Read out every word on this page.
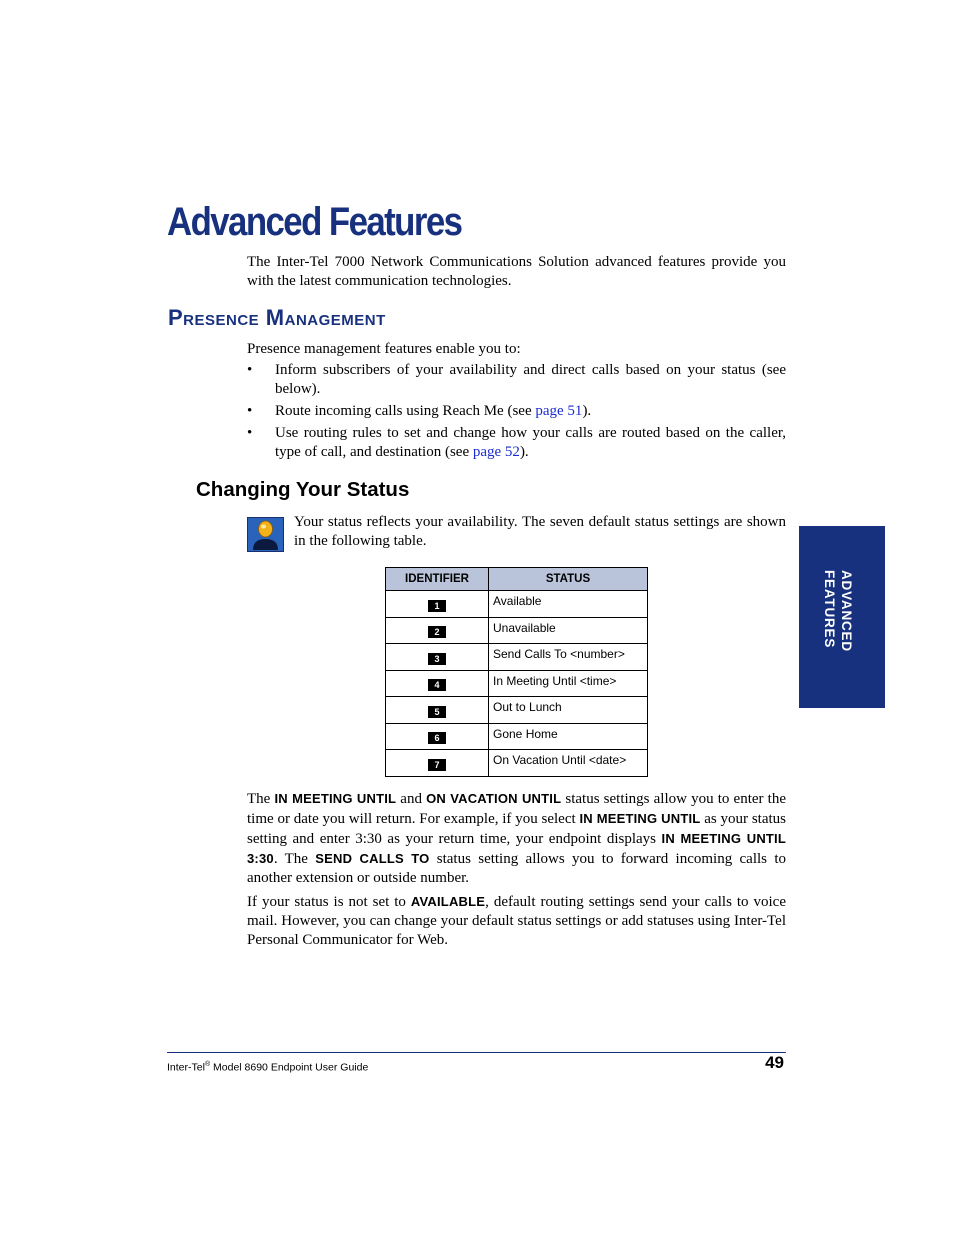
Advanced Features

The Inter-Tel 7000 Network Communications Solution advanced features provide you with the latest communication technologies.

Presence Management

Presence management features enable you to:

• Inform subscribers of your availability and direct calls based on your status (see below).
• Route incoming calls using Reach Me (see page 51).
• Use routing rules to set and change how your calls are routed based on the caller, type of call, and destination (see page 52).
Changing Your Status

Your status reflects your availability. The seven default status settings are shown in the following table.

IDENTIFIER	STATUS
1	Available
2	Unavailable
3	Send Calls To <number>
4	In Meeting Until <time>
5	Out to Lunch
6	Gone Home
7	On Vacation Until <date>

The IN MEETING UNTIL and ON VACATION UNTIL status settings allow you to enter the time or date you will return. For example, if you select IN MEETING UNTIL as your status setting and enter 3:30 as your return time, your endpoint displays IN MEETING UNTIL 3:30. The SEND CALLS TO status setting allows you to forward incoming calls to another extension or outside number.

If your status is not set to AVAILABLE, default routing settings send your calls to voice mail. However, you can change your default status settings or add statuses using Inter-Tel Personal Communicator for Web.

ADVANCED
FEATURES
Inter-Tel® Model 8690 Endpoint User Guide	49
